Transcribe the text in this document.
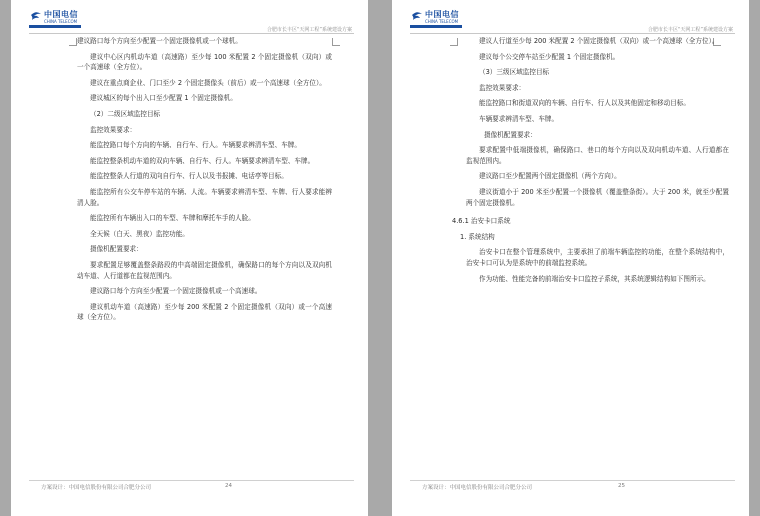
中国电信
CHINA TELECOM
合肥市长丰区“天网工程”系统建设方案

建议路口每个方向至少配置一个固定摄像机或一个球机。

建议中心区内机动车道（高速路）至少每 100 米配置 2 个固定摄像机（双向）或一个高速球（全方位）。

建议在重点商企业、门口至少 2 个固定摄像头（前后）或一个高速球（全方位）。

建议城区的每个出入口至少配置 1 个固定摄像机。

（2）二级区域监控目标

监控效果要求：

能监控路口每个方向的车辆、自行车、行人。车辆要求辨清车型、车牌。

能监控整条机动车道的双向车辆、自行车、行人。车辆要求辨清车型、车牌。

能监控整条人行道的双向自行车、行人以及书报摊、电话亭等目标。

能监控所有公交车停车站的车辆、人流。车辆要求辨清车型、车牌、行人要求能辨清人脸。

能监控所有车辆出入口的车型、车牌和摩托车手的人脸。

全天候（白天、黑夜）监控功能。

摄像机配置要求：

要求配置足够覆盖整条路段的中高端固定摄像机，确保路口的每个方向以及双向机动车道、人行道都在监视范围内。

建议路口每个方向至少配置一个固定摄像机或一个高速球。

建议机动车道（高速路）至少每 200 米配置 2 个固定摄像机（双向）或一个高速球（全方位）。

方案设计：中国电信股份有限公司合肥分公司	24
中国电信
CHINA TELECOM
合肥市长丰区“天网工程”系统建设方案

建议人行道至少每 200 米配置 2 个固定摄像机（双向）或一个高速球（全方位）。

建议每个公交停车站至少配置 1 个固定摄像机。

（3）三级区域监控目标

监控效果要求：

能监控路口和街道双向的车辆、自行车、行人以及其他固定和移动目标。

车辆要求辨清车型、车牌。

摄像机配置要求：

要求配置中低端摄像机，确保路口、巷口的每个方向以及双向机动车道、人行道都在监视范围内。

建议路口至少配置两个固定摄像机（两个方向）。

建议街道小于 200 米至少配置一个摄像机（覆盖整条街）。大于 200 米，就至少配置两个固定摄像机。

4.6.1 治安卡口系统

1. 系统结构

治安卡口在整个管理系统中，主要承担了前端车辆监控的功能，在整个系统结构中，治安卡口可认为是系统中的前端监控系统。

作为功能、性能完备的前端治安卡口监控子系统，其系统逻辑结构如下图所示。

方案设计：中国电信股份有限公司合肥分公司	25
